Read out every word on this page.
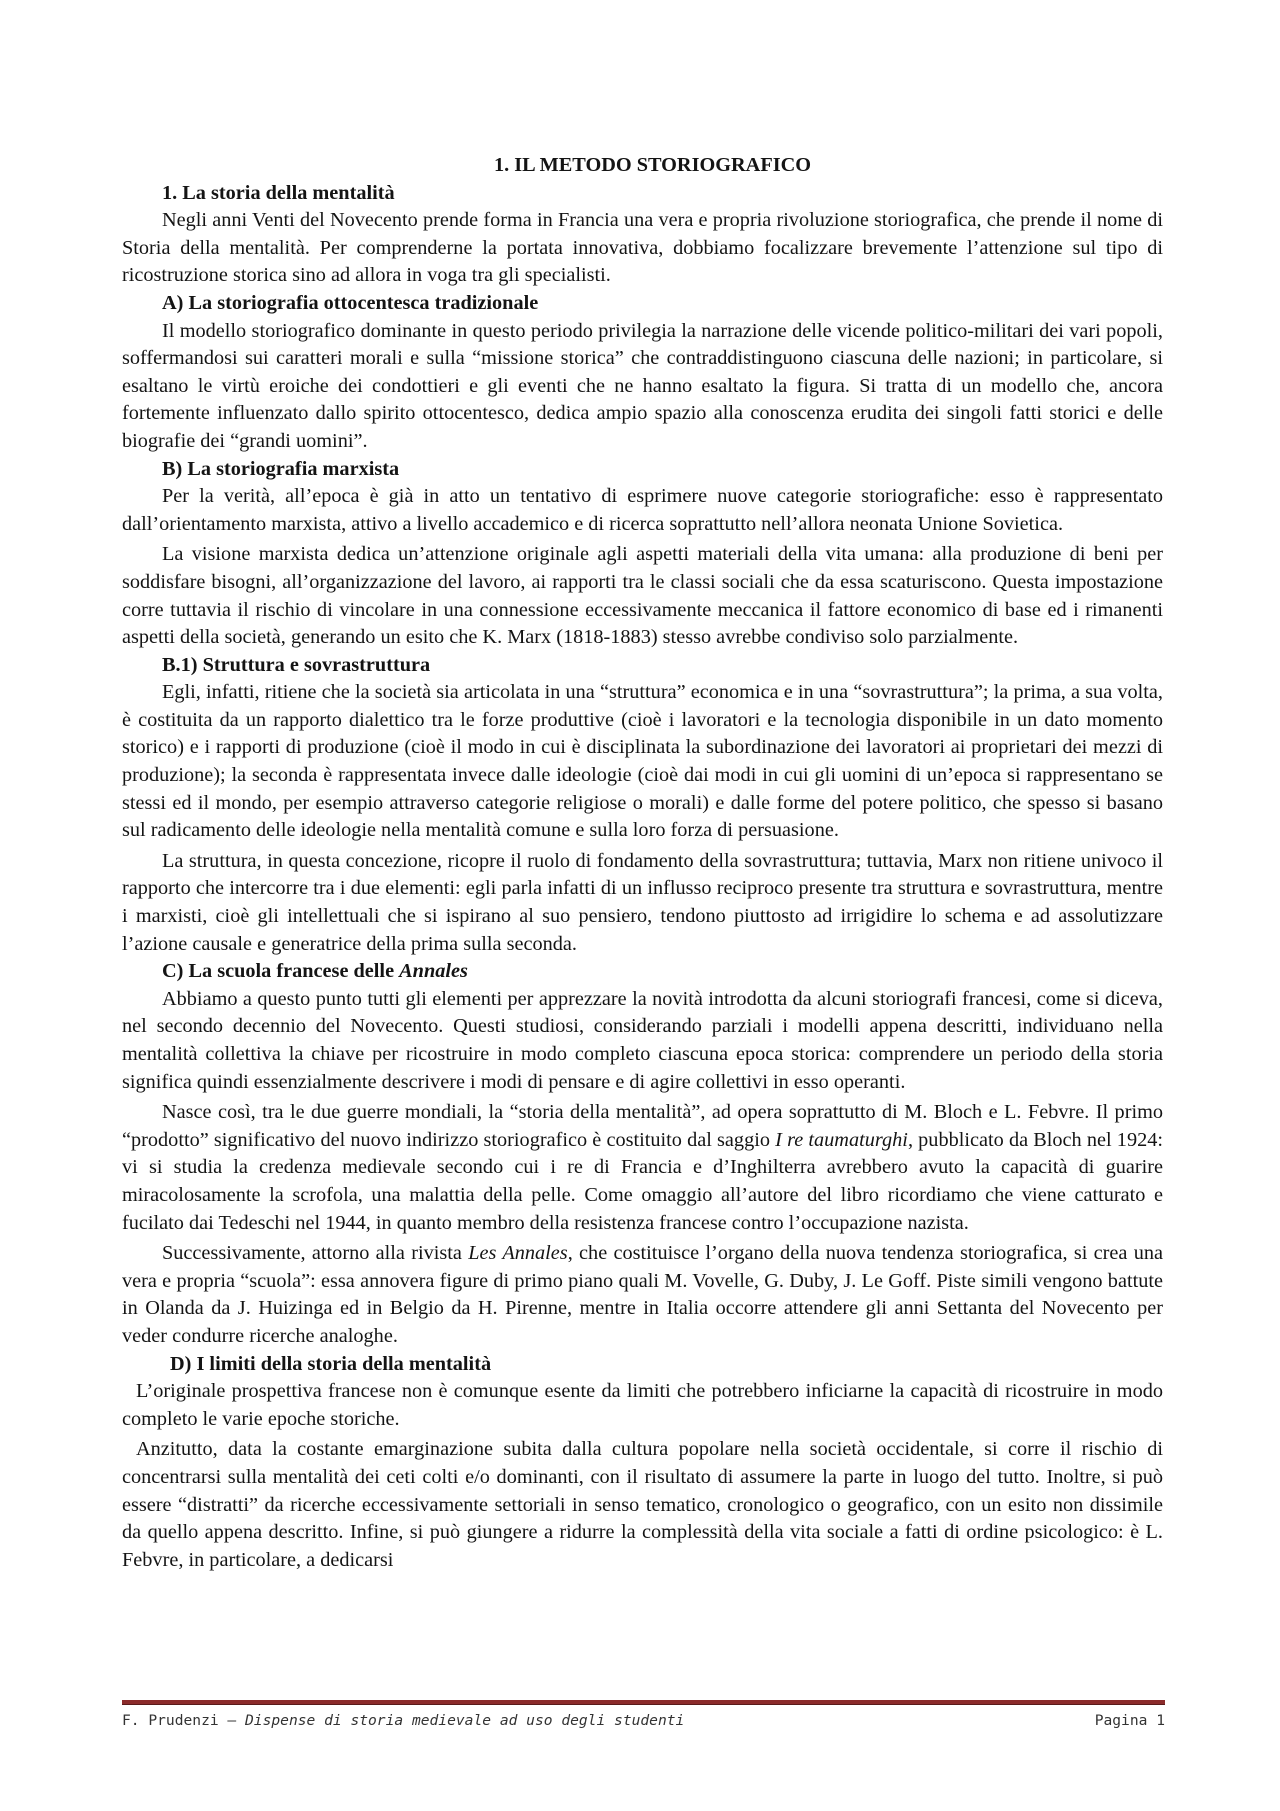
1. IL METODO STORIOGRAFICO
1. La storia della mentalità

Negli anni Venti del Novecento prende forma in Francia una vera e propria rivoluzione storiografica, che prende il nome di Storia della mentalità. Per comprenderne la portata innovativa, dobbiamo focalizzare brevemente l’attenzione sul tipo di ricostruzione storica sino ad allora in voga tra gli specialisti.

A) La storiografia ottocentesca tradizionale

Il modello storiografico dominante in questo periodo privilegia la narrazione delle vicende politico-militari dei vari popoli, soffermandosi sui caratteri morali e sulla “missione storica” che contraddistinguono ciascuna delle nazioni; in particolare, si esaltano le virtù eroiche dei condottieri e gli eventi che ne hanno esaltato la figura. Si tratta di un modello che, ancora fortemente influenzato dallo spirito ottocentesco, dedica ampio spazio alla conoscenza erudita dei singoli fatti storici e delle biografie dei “grandi uomini”.

B) La storiografia marxista

Per la verità, all’epoca è già in atto un tentativo di esprimere nuove categorie storiografiche: esso è rappresentato dall’orientamento marxista, attivo a livello accademico e di ricerca soprattutto nell’allora neonata Unione Sovietica.

La visione marxista dedica un’attenzione originale agli aspetti materiali della vita umana: alla produzione di beni per soddisfare bisogni, all’organizzazione del lavoro, ai rapporti tra le classi sociali che da essa scaturiscono. Questa impostazione corre tuttavia il rischio di vincolare in una connessione eccessivamente meccanica il fattore economico di base ed i rimanenti aspetti della società, generando un esito che K. Marx (1818-1883) stesso avrebbe condiviso solo parzialmente.

B.1) Struttura e sovrastruttura

Egli, infatti, ritiene che la società sia articolata in una “struttura” economica e in una “sovrastruttura”; la prima, a sua volta, è costituita da un rapporto dialettico tra le forze produttive (cioè i lavoratori e la tecnologia disponibile in un dato momento storico) e i rapporti di produzione (cioè il modo in cui è disciplinata la subordinazione dei lavoratori ai proprietari dei mezzi di produzione); la seconda è rappresentata invece dalle ideologie (cioè dai modi in cui gli uomini di un’epoca si rappresentano se stessi ed il mondo, per esempio attraverso categorie religiose o morali) e dalle forme del potere politico, che spesso si basano sul radicamento delle ideologie nella mentalità comune e sulla loro forza di persuasione.

La struttura, in questa concezione, ricopre il ruolo di fondamento della sovrastruttura; tuttavia, Marx non ritiene univoco il rapporto che intercorre tra i due elementi: egli parla infatti di un influsso reciproco presente tra struttura e sovrastruttura, mentre i marxisti, cioè gli intellettuali che si ispirano al suo pensiero, tendono piuttosto ad irrigidire lo schema e ad assolutizzare l’azione causale e generatrice della prima sulla seconda.

C) La scuola francese delle Annales

Abbiamo a questo punto tutti gli elementi per apprezzare la novità introdotta da alcuni storiografi francesi, come si diceva, nel secondo decennio del Novecento. Questi studiosi, considerando parziali i modelli appena descritti, individuano nella mentalità collettiva la chiave per ricostruire in modo completo ciascuna epoca storica: comprendere un periodo della storia significa quindi essenzialmente descrivere i modi di pensare e di agire collettivi in esso operanti.

Nasce così, tra le due guerre mondiali, la “storia della mentalità”, ad opera soprattutto di M. Bloch e L. Febvre. Il primo “prodotto” significativo del nuovo indirizzo storiografico è costituito dal saggio I re taumaturghi, pubblicato da Bloch nel 1924: vi si studia la credenza medievale secondo cui i re di Francia e d’Inghilterra avrebbero avuto la capacità di guarire miracolosamente la scrofola, una malattia della pelle. Come omaggio all’autore del libro ricordiamo che viene catturato e fucilato dai Tedeschi nel 1944, in quanto membro della resistenza francese contro l’occupazione nazista.

Successivamente, attorno alla rivista Les Annales, che costituisce l’organo della nuova tendenza storiografica, si crea una vera e propria “scuola”: essa annovera figure di primo piano quali M. Vovelle, G. Duby, J. Le Goff. Piste simili vengono battute in Olanda da J. Huizinga ed in Belgio da H. Pirenne, mentre in Italia occorre attendere gli anni Settanta del Novecento per veder condurre ricerche analoghe.

D) I limiti della storia della mentalità

L’originale prospettiva francese non è comunque esente da limiti che potrebbero inficiarne la capacità di ricostruire in modo completo le varie epoche storiche.

Anzitutto, data la costante emarginazione subita dalla cultura popolare nella società occidentale, si corre il rischio di concentrarsi sulla mentalità dei ceti colti e/o dominanti, con il risultato di assumere la parte in luogo del tutto. Inoltre, si può essere “distratti” da ricerche eccessivamente settoriali in senso tematico, cronologico o geografico, con un esito non dissimile da quello appena descritto. Infine, si può giungere a ridurre la complessità della vita sociale a fatti di ordine psicologico: è L. Febvre, in particolare, a dedicarsi

F. Prudenzi – Dispense di storia medievale ad uso degli studenti	Pagina 1
